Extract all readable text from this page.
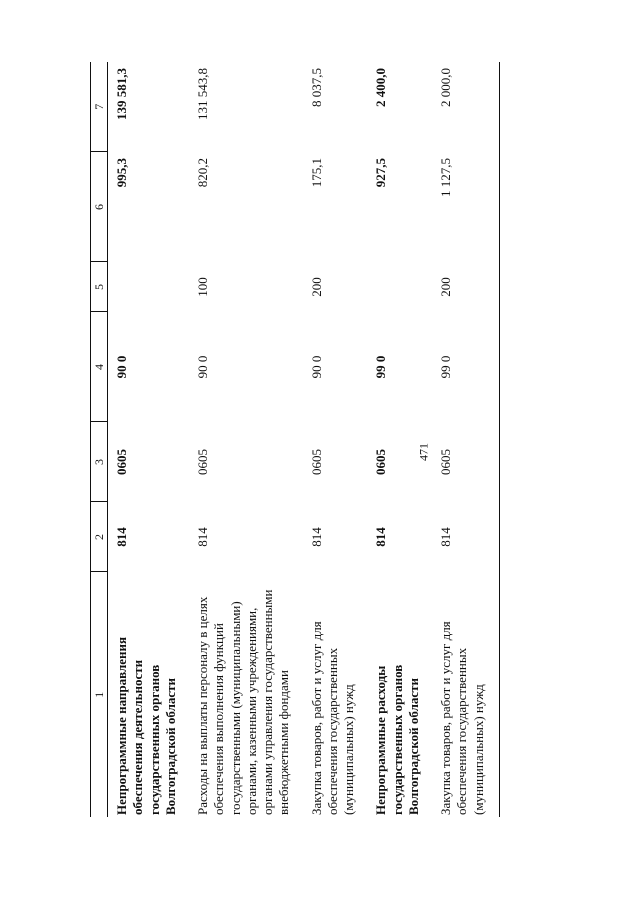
471
1	2	3	4	5	6	7
Непрограммные направления обеспечения деятельности государственных органов Волгоградской области	814	0605	90 0		995,3	139 581,3
Расходы на выплаты персоналу в целях обеспечения выполнения функций государственными (муниципальными) органами, казенными учреждениями, органами управления государственными внебюджетными фондами	814	0605	90 0	100	820,2	131 543,8
Закупка товаров, работ и услуг для обеспечения государственных (муниципальных) нужд	814	0605	90 0	200	175,1	8 037,5
Непрограммные расходы государственных органов Волгоградской области	814	0605	99 0		927,5	2 400,0
Закупка товаров, работ и услуг для обеспечения государственных (муниципальных) нужд	814	0605	99 0	200	1 127,5	2 000,0
